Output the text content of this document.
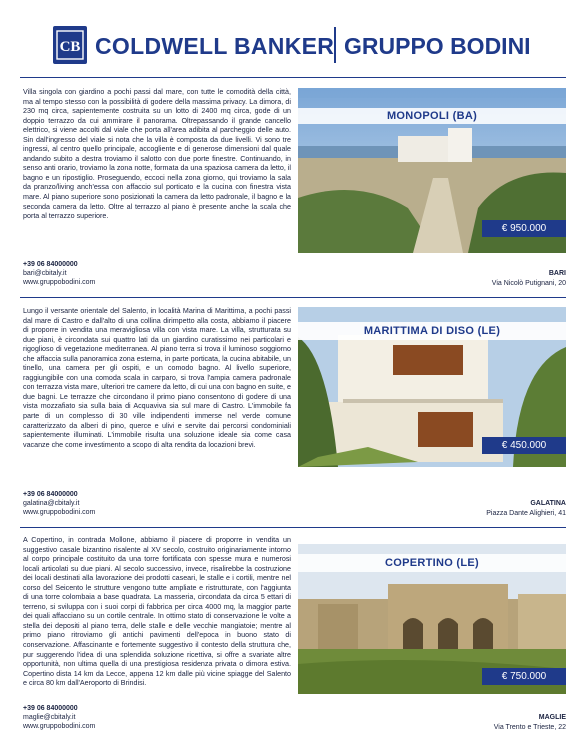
CB COLDWELL BANKER GRUPPO BODINI
Villa singola con giardino a pochi passi dal mare, con tutte le comodità della città, ma al tempo stesso con la possibilità di godere della massima privacy. La dimora, di 230 mq circa, sapientemente costruita su un lotto di 2400 mq circa, gode di un doppio terrazzo da cui ammirare il panorama. Oltrepassando il grande cancello elettrico, si viene accolti dal viale che porta all'area adibita al parcheggio delle auto. Sin dall'ingresso del viale si nota che la villa è composta da due livelli. Vi sono tre ingressi, al centro quello principale, accogliente e di generose dimensioni dal quale andando subito a destra troviamo il salotto con due porte finestre. Continuando, in senso anti orario, troviamo la zona notte, formata da una spaziosa camera da letto, il bagno e un ripostiglio. Proseguendo, eccoci nella zona giorno, qui troviamo la sala da pranzo/living anch'essa con affaccio sul porticato e la cucina con finestra vista mare. Al piano superiore sono posizionati la camera da letto padronale, il bagno e la seconda camera da letto. Oltre al terrazzo al piano è presente anche la scala che porta al terrazzo superiore.
MONOPOLI (BA)
€ 950.000
+39 06 84000000
bari@cbitaly.it
www.gruppobodini.com
BARI
Via Nicolò Putignani, 20
Lungo il versante orientale del Salento, in località Marina di Marittima, a pochi passi dal mare di Castro e dall'alto di una collina dirimpetto alla costa, abbiamo il piacere di proporre in vendita una meravigliosa villa con vista mare. La villa, strutturata su due piani, è circondata sui quattro lati da un giardino curatissimo nei particolari e rigoglioso di vegetazione mediterranea. Al piano terra si trova il luminoso soggiorno che affaccia sulla panoramica zona esterna, in parte porticata, la cucina abitabile, un tinello, una camera per gli ospiti, e un comodo bagno. Al livello superiore, raggiungibile con una comoda scala in carparo, si trova l'ampia camera padronale con terrazza vista mare, ulteriori tre camere da letto, di cui una con bagno en suite, e due bagni. Le terrazze che circondano il primo piano consentono di godere di una vista mozzafiato sia sulla baia di Acquaviva sia sul mare di Castro. L'immobile fa parte di un complesso di 30 ville indipendenti immerse nel verde comune caratterizzato da alberi di pino, querce e ulivi e servite dai percorsi condominiali sapientemente illuminati. L'immobile risulta una soluzione ideale sia come casa vacanze che come investimento a scopo di alta rendita da locazioni brevi.
MARITTIMA DI DISO (LE)
€ 450.000
+39 06 84000000
galatina@cbitaly.it
www.gruppobodini.com
GALATINA
Piazza Dante Alighieri, 41
A Copertino, in contrada Mollone, abbiamo il piacere di proporre in vendita un suggestivo casale bizantino risalente al XV secolo, costruito originariamente intorno al corpo principale costituito da una torre fortificata con spesse mura e numerosi locali articolati su due piani. Al secolo successivo, invece, risalirebbe la costruzione dei locali destinati alla lavorazione dei prodotti caseari, le stalle e i cortili, mentre nel corso del Seicento le strutture vengono tutte ampliate e ristrutturate, con l'aggiunta di una torre colombaia a base quadrata. La masseria, circondata da circa 5 ettari di terreno, si sviluppa con i suoi corpi di fabbrica per circa 4000 mq, la maggior parte dei quali affacciano su un cortile centrale. In ottimo stato di conservazione le volte a stella dei depositi al piano terra, delle stalle e delle vecchie mangiatoie; mentre al primo piano ritroviamo gli antichi pavimenti dell'epoca in buono stato di conservazione. Affascinante e fortemente suggestivo il contesto della struttura che, pur suggerendo l'idea di una splendida soluzione ricettiva, si offre a svariate altre opportunità, non ultima quella di una prestigiosa residenza privata o dimora estiva. Copertino dista 14 km da Lecce, appena 12 km dalle più vicine spiagge del Salento e circa 80 km dall'Aeroporto di Brindisi.
COPERTINO (LE)
€ 750.000
+39 06 84000000
maglie@cbitaly.it
www.gruppobodini.com
MAGLIE
Via Trento e Trieste, 22
